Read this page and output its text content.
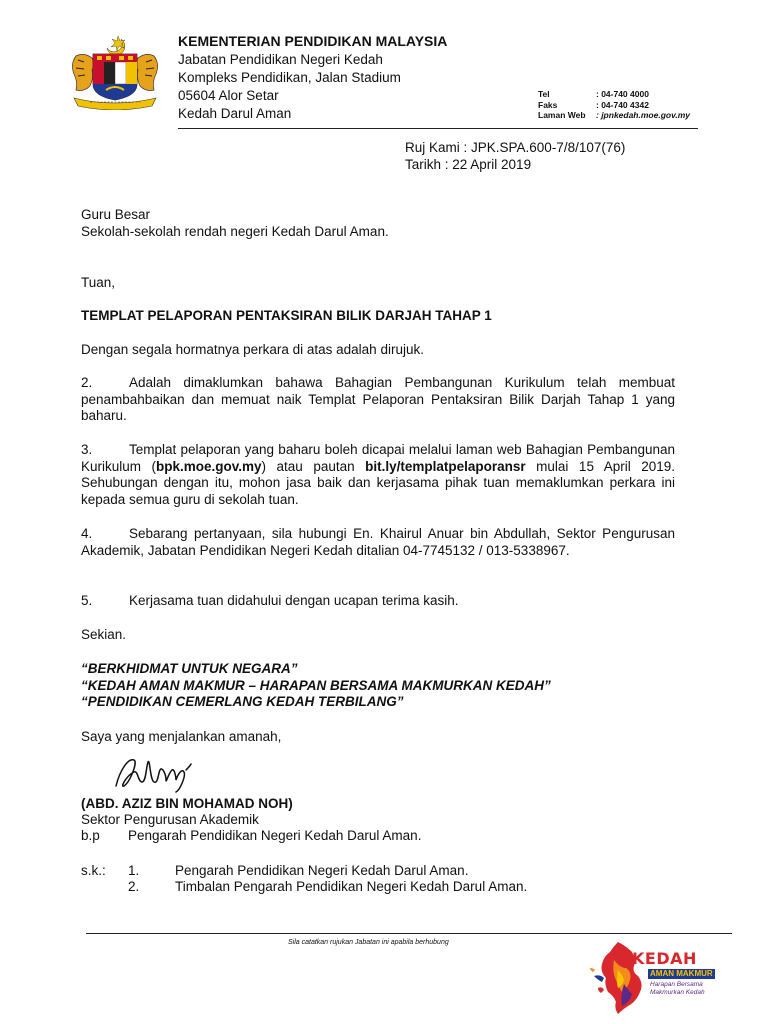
KEMENTERIAN PENDIDIKAN MALAYSIA
Jabatan Pendidikan Negeri Kedah
Kompleks Pendidikan, Jalan Stadium
05604 Alor Setar
Kedah Darul Aman
Tel	: 04-740 4000
Faks	: 04-740 4342
Laman Web : jpnkedah.moe.gov.my
Ruj Kami : JPK.SPA.600-7/8/107(76)
Tarikh : 22 April 2019
Guru Besar
Sekolah-sekolah rendah negeri Kedah Darul Aman.
Tuan,
TEMPLAT PELAPORAN PENTAKSIRAN BILIK DARJAH TAHAP 1
Dengan segala hormatnya perkara di atas adalah dirujuk.
2.	Adalah dimaklumkan bahawa Bahagian Pembangunan Kurikulum telah membuat penambahbaikan dan memuat naik Templat Pelaporan Pentaksiran Bilik Darjah Tahap 1 yang baharu.
3.	Templat pelaporan yang baharu boleh dicapai melalui laman web Bahagian Pembangunan Kurikulum (bpk.moe.gov.my) atau pautan bit.ly/templatpelaporansr mulai 15 April 2019. Sehubungan dengan itu, mohon jasa baik dan kerjasama pihak tuan memaklumkan perkara ini kepada semua guru di sekolah tuan.
4.	Sebarang pertanyaan, sila hubungi En. Khairul Anuar bin Abdullah, Sektor Pengurusan Akademik, Jabatan Pendidikan Negeri Kedah ditalian 04-7745132 / 013-5338967.
5.	Kerjasama tuan didahului dengan ucapan terima kasih.
Sekian.
“BERKHIDMAT UNTUK NEGARA”
“KEDAH AMAN MAKMUR – HARAPAN BERSAMA MAKMURKAN KEDAH”
“PENDIDIKAN CEMERLANG KEDAH TERBILANG”
Saya yang menjalankan amanah,
(ABD. AZIZ BIN MOHAMAD NOH)
Sektor Pengurusan Akademik
b.p Pengarah Pendidikan Negeri Kedah Darul Aman.
s.k.: 1.	Pengarah Pendidikan Negeri Kedah Darul Aman.
2.	Timbalan Pengarah Pendidikan Negeri Kedah Darul Aman.
Sila catatkan rujukan Jabatan ini apabila berhubung
KEDAH
AMAN MAKMUR
Harapan Bersama
Makmurkan Kedah
